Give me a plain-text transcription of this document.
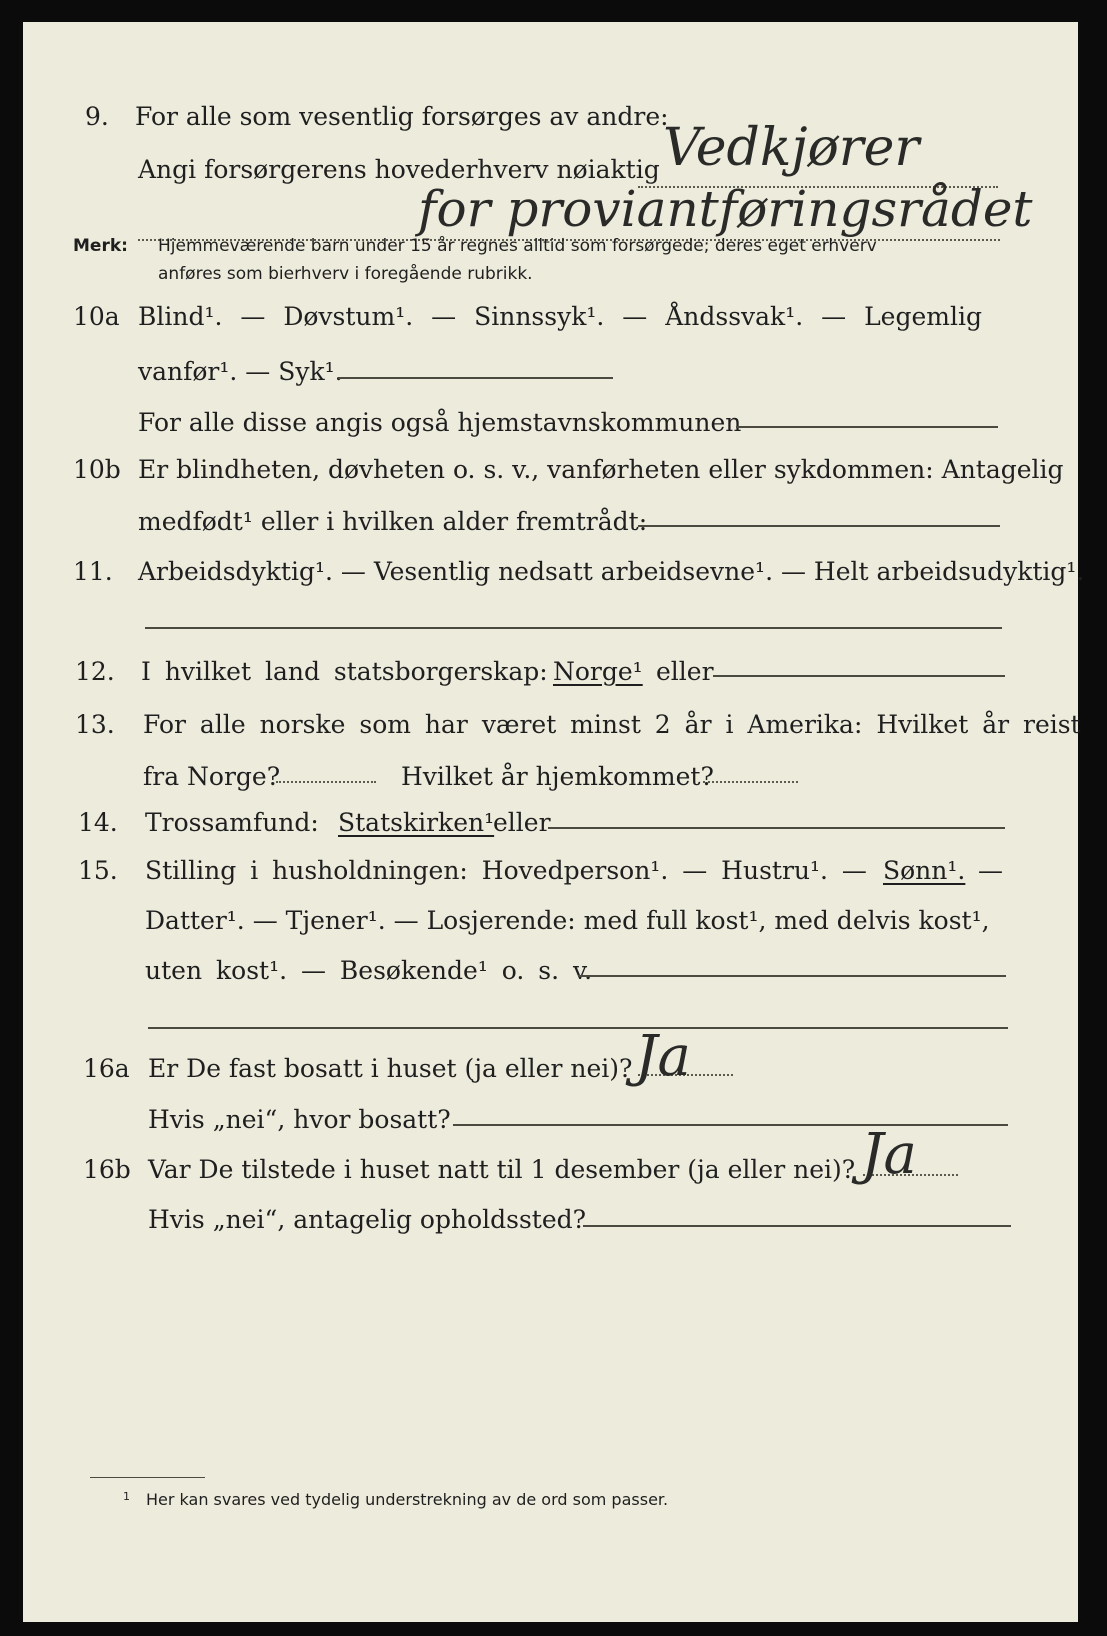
9. For alle som vesentlig forsørges av andre:
Angi forsørgerens hovederhverv nøiaktig Vedkjører
for proviantføringsrådet
Merk: Hjemmeværende barn under 15 år regnes alltid som forsørgede; deres eget erhverv
anføres som bierhverv i foregående rubrikk.
10a Blind¹. — Døvstum¹. — Sinnssyk¹. — Åndssvak¹. — Legemlig
vanfør¹. — Syk¹.
For alle disse angis også hjemstavnskommunen
10b Er blindheten, døvheten o. s. v., vanførheten eller sykdommen: Antagelig
medfødt¹ eller i hvilken alder fremtrådt:
11. Arbeidsdyktig¹. — Vesentlig nedsatt arbeidsevne¹. — Helt arbeidsudyktig¹.
12. I hvilket land statsborgerskap: Norge¹ eller
13. For alle norske som har været minst 2 år i Amerika: Hvilket år reist
fra Norge?	Hvilket år hjemkommet?
14. Trossamfund: Statskirken¹
eller
15. Stilling i husholdningen: Hovedperson¹. — Hustru¹. — Sønn¹. —
Datter¹. — Tjener¹. — Losjerende: med full kost¹, med delvis kost¹,
uten kost¹. — Besøkende¹ o. s. v.
16a Er De fast bosatt i huset (ja eller nei)? Ja
Hvis „nei“, hvor bosatt?
16b Var De tilstede i huset natt til 1 desember (ja eller nei)? Ja
Hvis „nei“, antagelig opholdssted?
1 Her kan svares ved tydelig understrekning av de ord som passer.
